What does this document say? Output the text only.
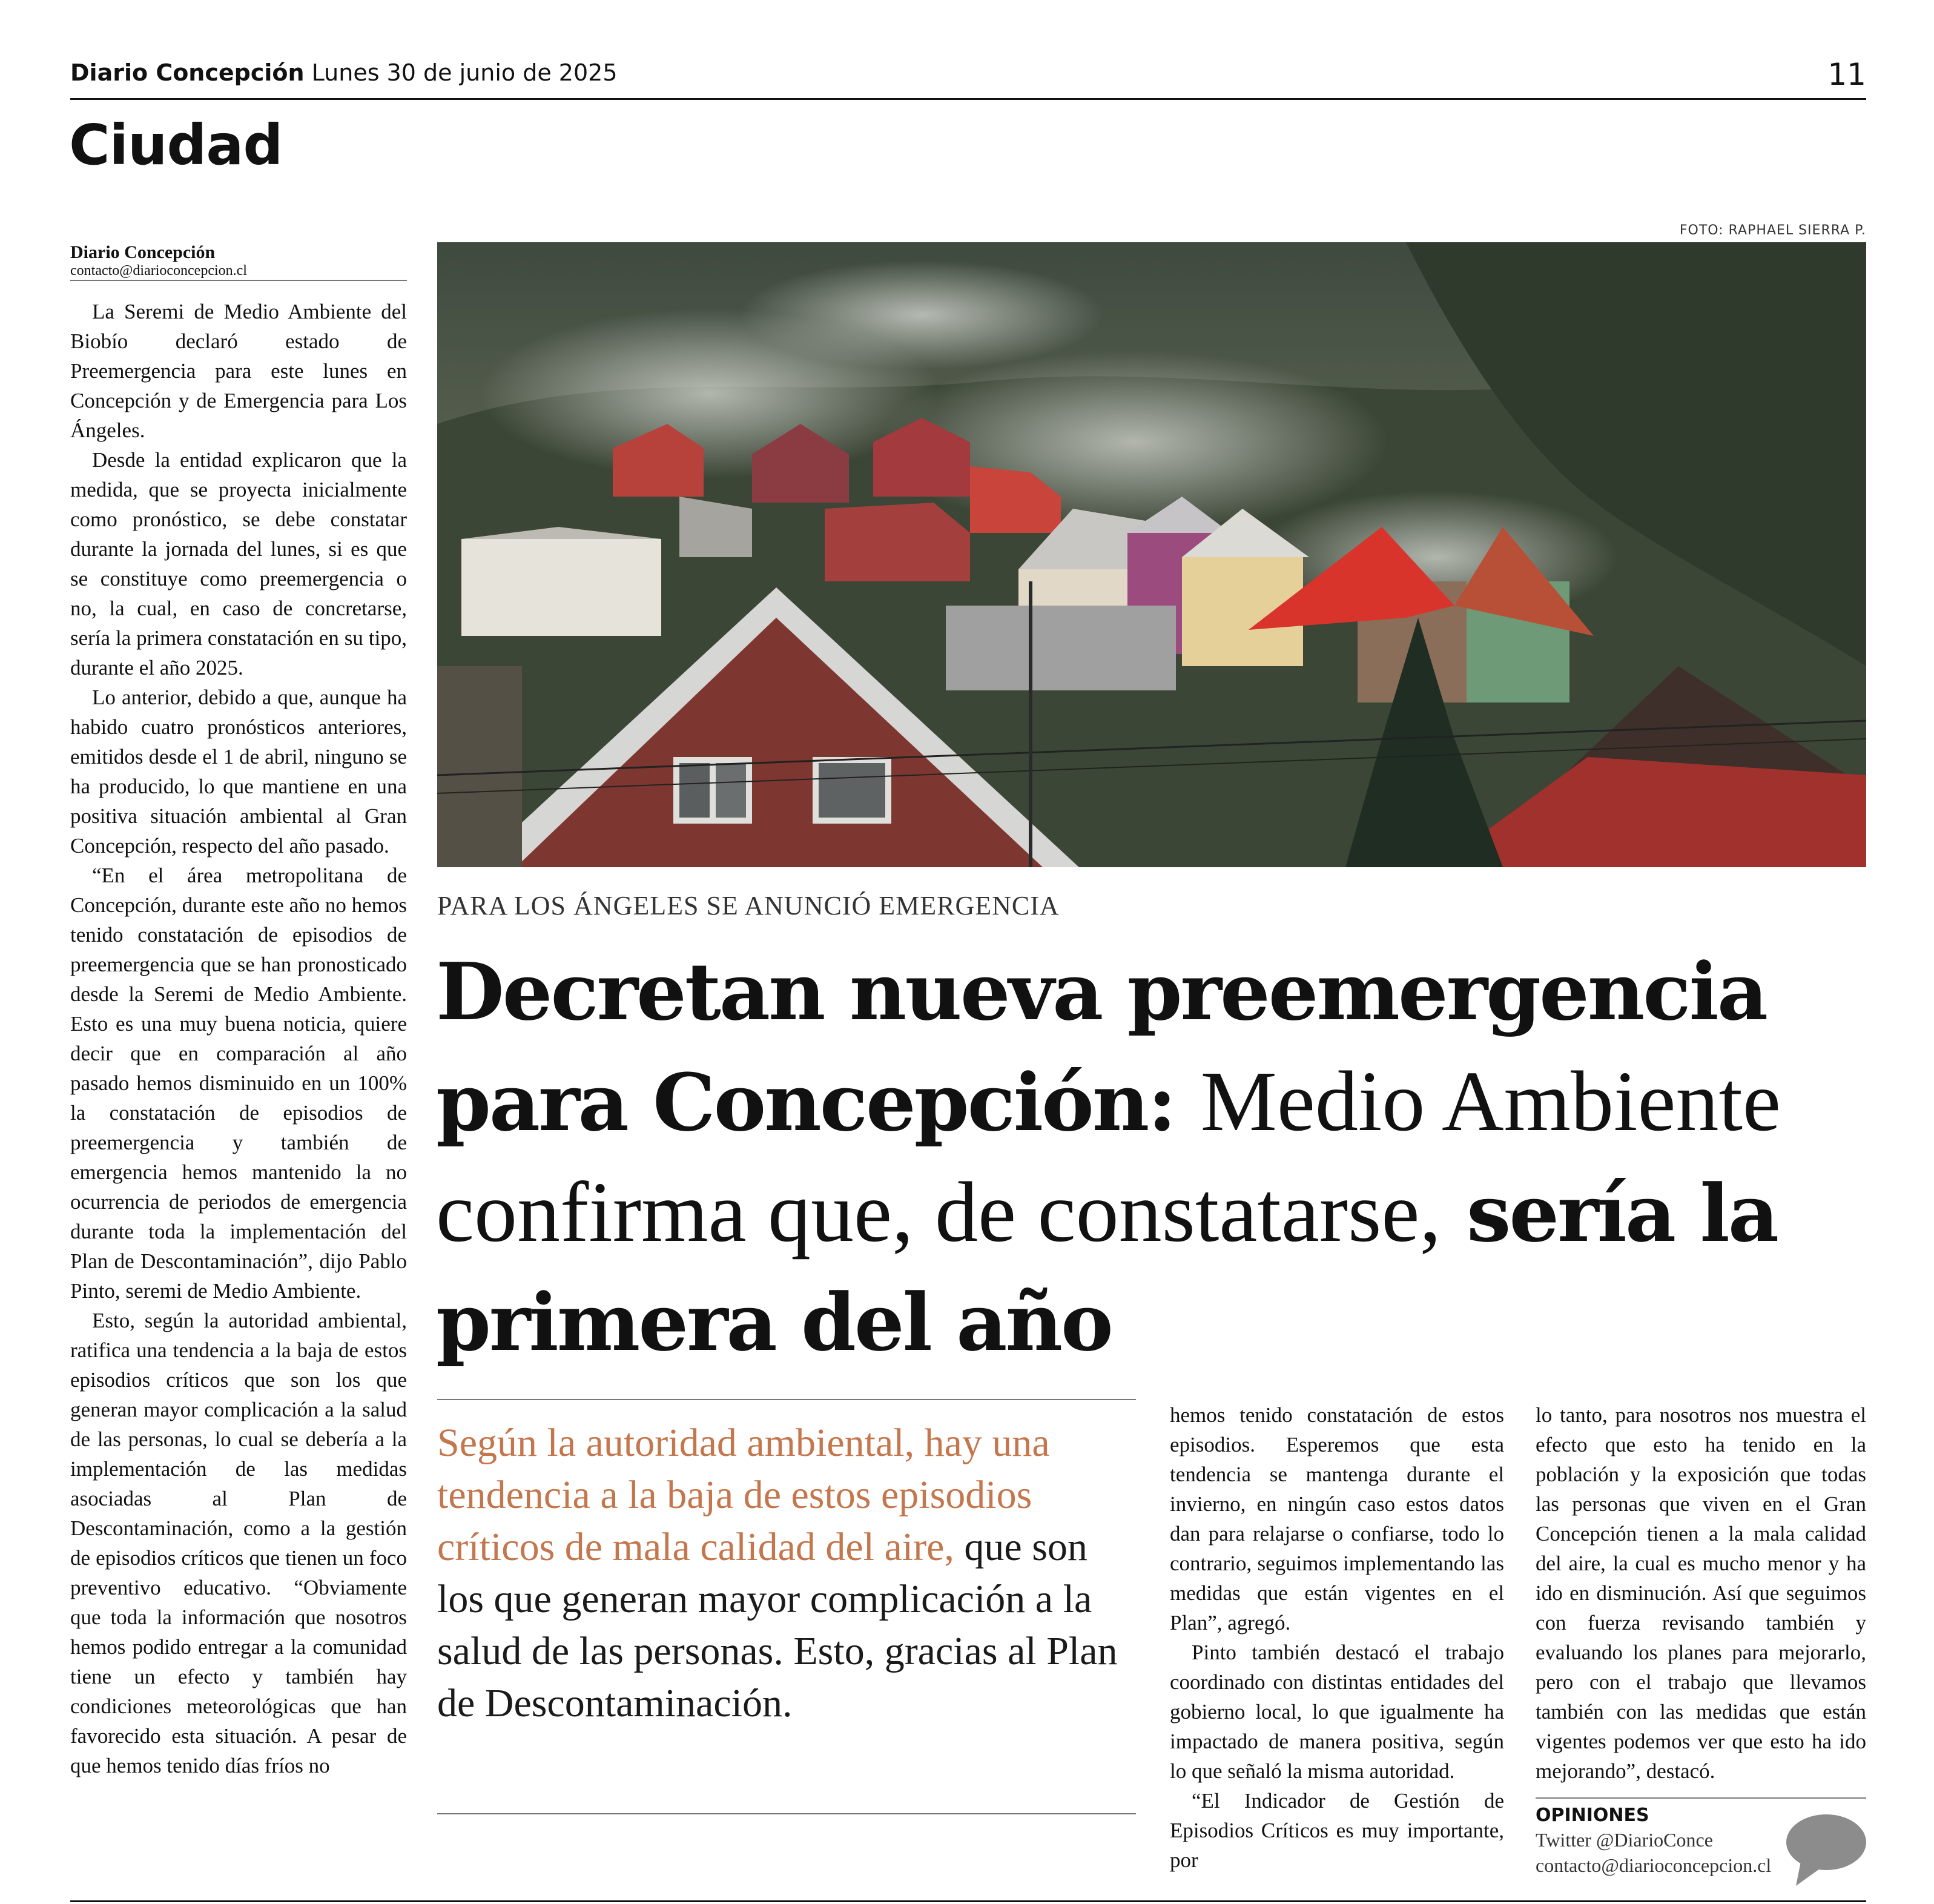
Diario Concepción Lunes 30 de junio de 2025	11
Ciudad
Diario Concepción
contacto@diarioconcepcion.cl

La Seremi de Medio Ambiente del Biobío declaró estado de Preemergencia para este lunes en Concepción y de Emergencia para Los Ángeles.

Desde la entidad explicaron que la medida, que se proyecta inicialmente como pronóstico, se debe constatar durante la jornada del lunes, si es que se constituye como preemergencia o no, la cual, en caso de concretarse, sería la primera constatación en su tipo, durante el año 2025.

Lo anterior, debido a que, aunque ha habido cuatro pronósticos anteriores, emitidos desde el 1 de abril, ninguno se ha producido, lo que mantiene en una positiva situación ambiental al Gran Concepción, respecto del año pasado.

“En el área metropolitana de Concepción, durante este año no hemos tenido constatación de episodios de preemergencia que se han pronosticado desde la Seremi de Medio Ambiente. Esto es una muy buena noticia, quiere decir que en comparación al año pasado hemos disminuido en un 100% la constatación de episodios de preemergencia y también de emergencia hemos mantenido la no ocurrencia de periodos de emergencia durante toda la implementación del Plan de Descontaminación”, dijo Pablo Pinto, seremi de Medio Ambiente.

Esto, según la autoridad ambiental, ratifica una tendencia a la baja de estos episodios críticos que son los que generan mayor complicación a la salud de las personas, lo cual se debería a la implementación de las medidas asociadas al Plan de Descontaminación, como a la gestión de episodios críticos que tienen un foco preventivo educativo. “Obviamente que toda la información que nosotros hemos podido entregar a la comunidad tiene un efecto y también hay condiciones meteorológicas que han favorecido esta situación. A pesar de que hemos tenido días fríos no

FOTO: RAPHAEL SIERRA P.
PARA LOS ÁNGELES SE ANUNCIÓ EMERGENCIA
Decretan nueva preemergencia para Concepción: Medio Ambiente confirma que, de constatarse, sería la primera del año
Según la autoridad ambiental, hay una tendencia a la baja de estos episodios críticos de mala calidad del aire, que son los que generan mayor complicación a la salud de las personas. Esto, gracias al Plan de Descontaminación.

hemos tenido constatación de estos episodios. Esperemos que esta tendencia se mantenga durante el invierno, en ningún caso estos datos dan para relajarse o confiarse, todo lo contrario, seguimos implementando las medidas que están vigentes en el Plan”, agregó.

Pinto también destacó el trabajo coordinado con distintas entidades del gobierno local, lo que igualmente ha impactado de manera positiva, según lo que señaló la misma autoridad.

“El Indicador de Gestión de Episodios Críticos es muy importante, por

lo tanto, para nosotros nos muestra el efecto que esto ha tenido en la población y la exposición que todas las personas que viven en el Gran Concepción tienen a la mala calidad del aire, la cual es mucho menor y ha ido en disminución. Así que seguimos con fuerza revisando también y evaluando los planes para mejorarlo, pero con el trabajo que llevamos también con las medidas que están vigentes podemos ver que esto ha ido mejorando”, destacó.

OPINIONES
Twitter @DiarioConce
contacto@diarioconcepcion.cl
